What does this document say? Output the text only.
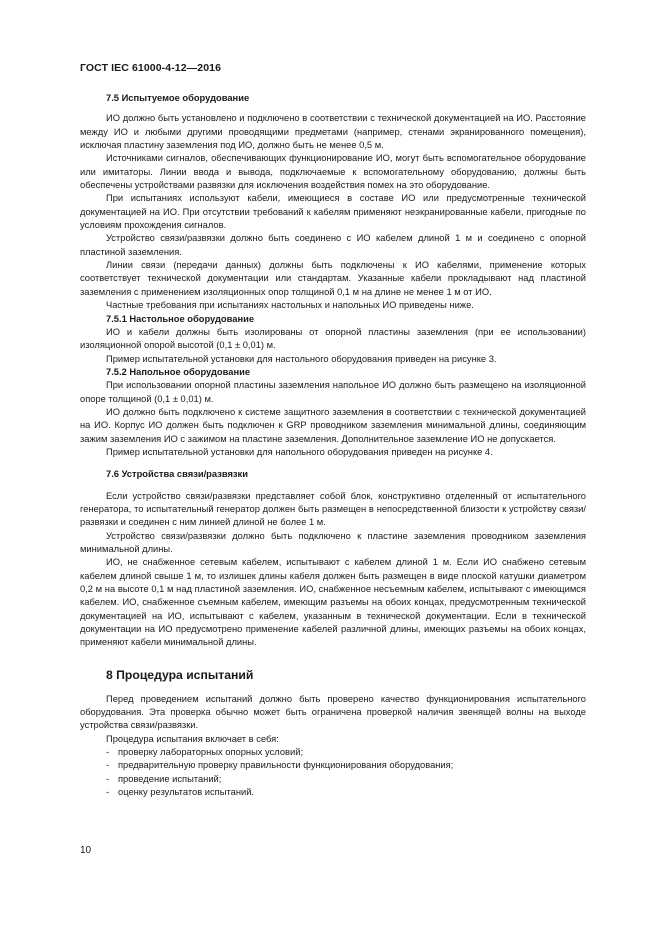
ГОСТ IEC 61000-4-12—2016
7.5 Испытуемое оборудование

ИО должно быть установлено и подключено в соответствии с технической документацией на ИО. Расстояние между ИО и любыми другими проводящими предметами (например, стенами экранированного помещения), исключая пластину заземления под ИО, должно быть не менее 0,5 м.

Источниками сигналов, обеспечивающих функционирование ИО, могут быть вспомогательное оборудование или имитаторы. Линии ввода и вывода, подключаемые к вспомогательному оборудованию, должны быть обеспечены устройствами развязки для исключения воздействия помех на это оборудование.

При испытаниях используют кабели, имеющиеся в составе ИО или предусмотренные технической документацией на ИО. При отсутствии требований к кабелям применяют неэкранированные кабели, пригодные по условиям прохождения сигналов.

Устройство связи/развязки должно быть соединено с ИО кабелем длиной 1 м и соединено с опорной пластиной заземления.

Линии связи (передачи данных) должны быть подключены к ИО кабелями, применение которых соответствует технической документации или стандартам. Указанные кабели прокладывают над пластиной заземления с применением изоляционных опор толщиной 0,1 м на длине не менее 1 м от ИО.

Частные требования при испытаниях настольных и напольных ИО приведены ниже.

7.5.1 Настольное оборудование

ИО и кабели должны быть изолированы от опорной пластины заземления (при ее использовании) изоляционной опорой высотой (0,1 ± 0,01) м.

Пример испытательной установки для настольного оборудования приведен на рисунке 3.

7.5.2 Напольное оборудование

При использовании опорной пластины заземления напольное ИО должно быть размещено на изоляционной опоре толщиной (0,1 ± 0,01) м.

ИО должно быть подключено к системе защитного заземления в соответствии с технической документацией на ИО. Корпус ИО должен быть подключен к GRP проводником заземления минимальной длины, соединяющим зажим заземления ИО с зажимом на пластине заземления. Дополнительное заземление ИО не допускается.

Пример испытательной установки для напольного оборудования приведен на рисунке 4.

7.6 Устройства связи/развязки

Если устройство связи/развязки представляет собой блок, конструктивно отделенный от испытательного генератора, то испытательный генератор должен быть размещен в непосредственной близости к устройству связи/развязки и соединен с ним линией длиной не более 1 м.

Устройство связи/развязки должно быть подключено к пластине заземления проводником заземления минимальной длины.

ИО, не снабженное сетевым кабелем, испытывают с кабелем длиной 1 м. Если ИО снабжено сетевым кабелем длиной свыше 1 м, то излишек длины кабеля должен быть размещен в виде плоской катушки диаметром 0,2 м на высоте 0,1 м над пластиной заземления. ИО, снабженное несъемным кабелем, испытывают с имеющимся кабелем. ИО, снабженное съемным кабелем, имеющим разъемы на обоих концах, предусмотренным технической документацией на ИО, испытывают с кабелем, указанным в технической документации. Если в технической документации на ИО предусмотрено применение кабелей различной длины, имеющих разъемы на обоих концах, применяют кабели минимальной длины.

8 Процедура испытаний

Перед проведением испытаний должно быть проверено качество функционирования испытательного оборудования. Эта проверка обычно может быть ограничена проверкой наличия звенящей волны на выходе устройства связи/развязки.

Процедура испытания включает в себя:

- проверку лабораторных опорных условий;
- предварительную проверку правильности функционирования оборудования;
- проведение испытаний;
- оценку результатов испытаний.
10
